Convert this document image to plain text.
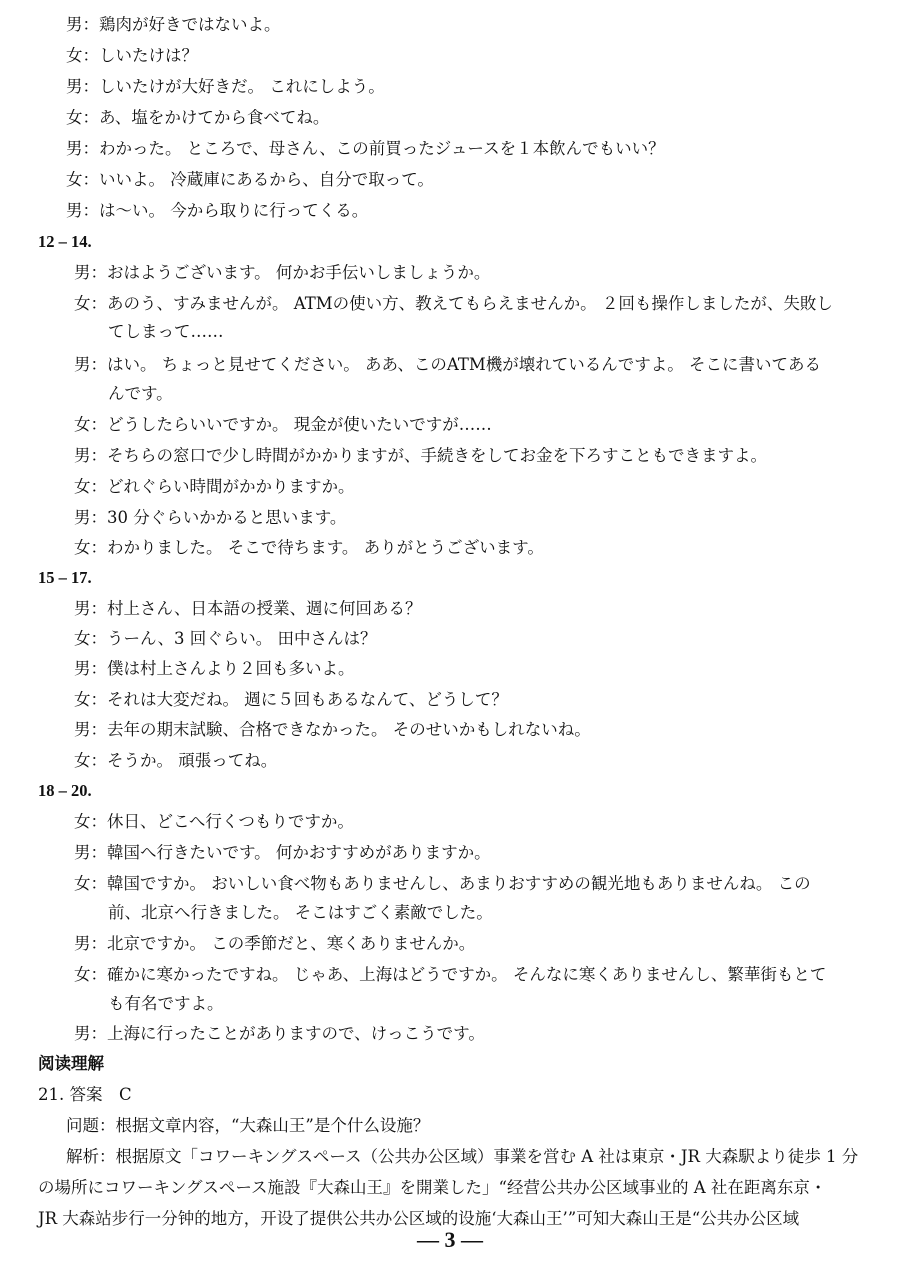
男：鶏肉が好きではないよ。
女：しいたけは？
男：しいたけが大好きだ。 これにしよう。
女：あ、塩をかけてから食べてね。
男：わかった。 ところで、母さん、この前買ったジュースを１本飲んでもいい？
女：いいよ。 冷蔵庫にあるから、自分で取って。
男：は～い。 今から取りに行ってくる。
12 – 14.
男：おはようございます。 何かお手伝いしましょうか。
女：あのう、すみませんが。 ATMの使い方、教えてもらえませんか。 ２回も操作しましたが、失敗し
てしまって……
男：はい。 ちょっと見せてください。 ああ、このATM機が壊れているんですよ。 そこに書いてある
んです。
女：どうしたらいいですか。 現金が使いたいですが……
男：そちらの窓口で少し時間がかかりますが、手続きをしてお金を下ろすこともできますよ。
女：どれぐらい時間がかかりますか。
男：30 分ぐらいかかると思います。
女：わかりました。 そこで待ちます。 ありがとうございます。
15 – 17.
男：村上さん、日本語の授業、週に何回ある？
女：うーん、3 回ぐらい。 田中さんは？
男：僕は村上さんより２回も多いよ。
女：それは大変だね。 週に５回もあるなんて、どうして？
男：去年の期末試験、合格できなかった。 そのせいかもしれないね。
女：そうか。 頑張ってね。
18 – 20.
女：休日、どこへ行くつもりですか。
男：韓国へ行きたいです。 何かおすすめがありますか。
女：韓国ですか。 おいしい食べ物もありませんし、あまりおすすめの観光地もありませんね。 この
前、北京へ行きました。 そこはすごく素敵でした。
男：北京ですか。 この季節だと、寒くありませんか。
女：確かに寒かったですね。 じゃあ、上海はどうですか。 そんなに寒くありませんし、繁華街もとて
も有名ですよ。
男：上海に行ったことがありますので、けっこうです。
阅读理解
21. 答案　C
问题：根据文章内容，“大森山王”是个什么设施？
解析：根据原文「コワーキングスペース（公共办公区域）事業を営む A 社は東京・JR 大森駅より徒歩 1 分
の場所にコワーキングスペース施設『大森山王』を開業した」“经营公共办公区域事业的 A 社在距离东京・
JR 大森站步行一分钟的地方，开设了提供公共办公区域的设施‘大森山王’”可知大森山王是“公共办公区域
— 3 —
